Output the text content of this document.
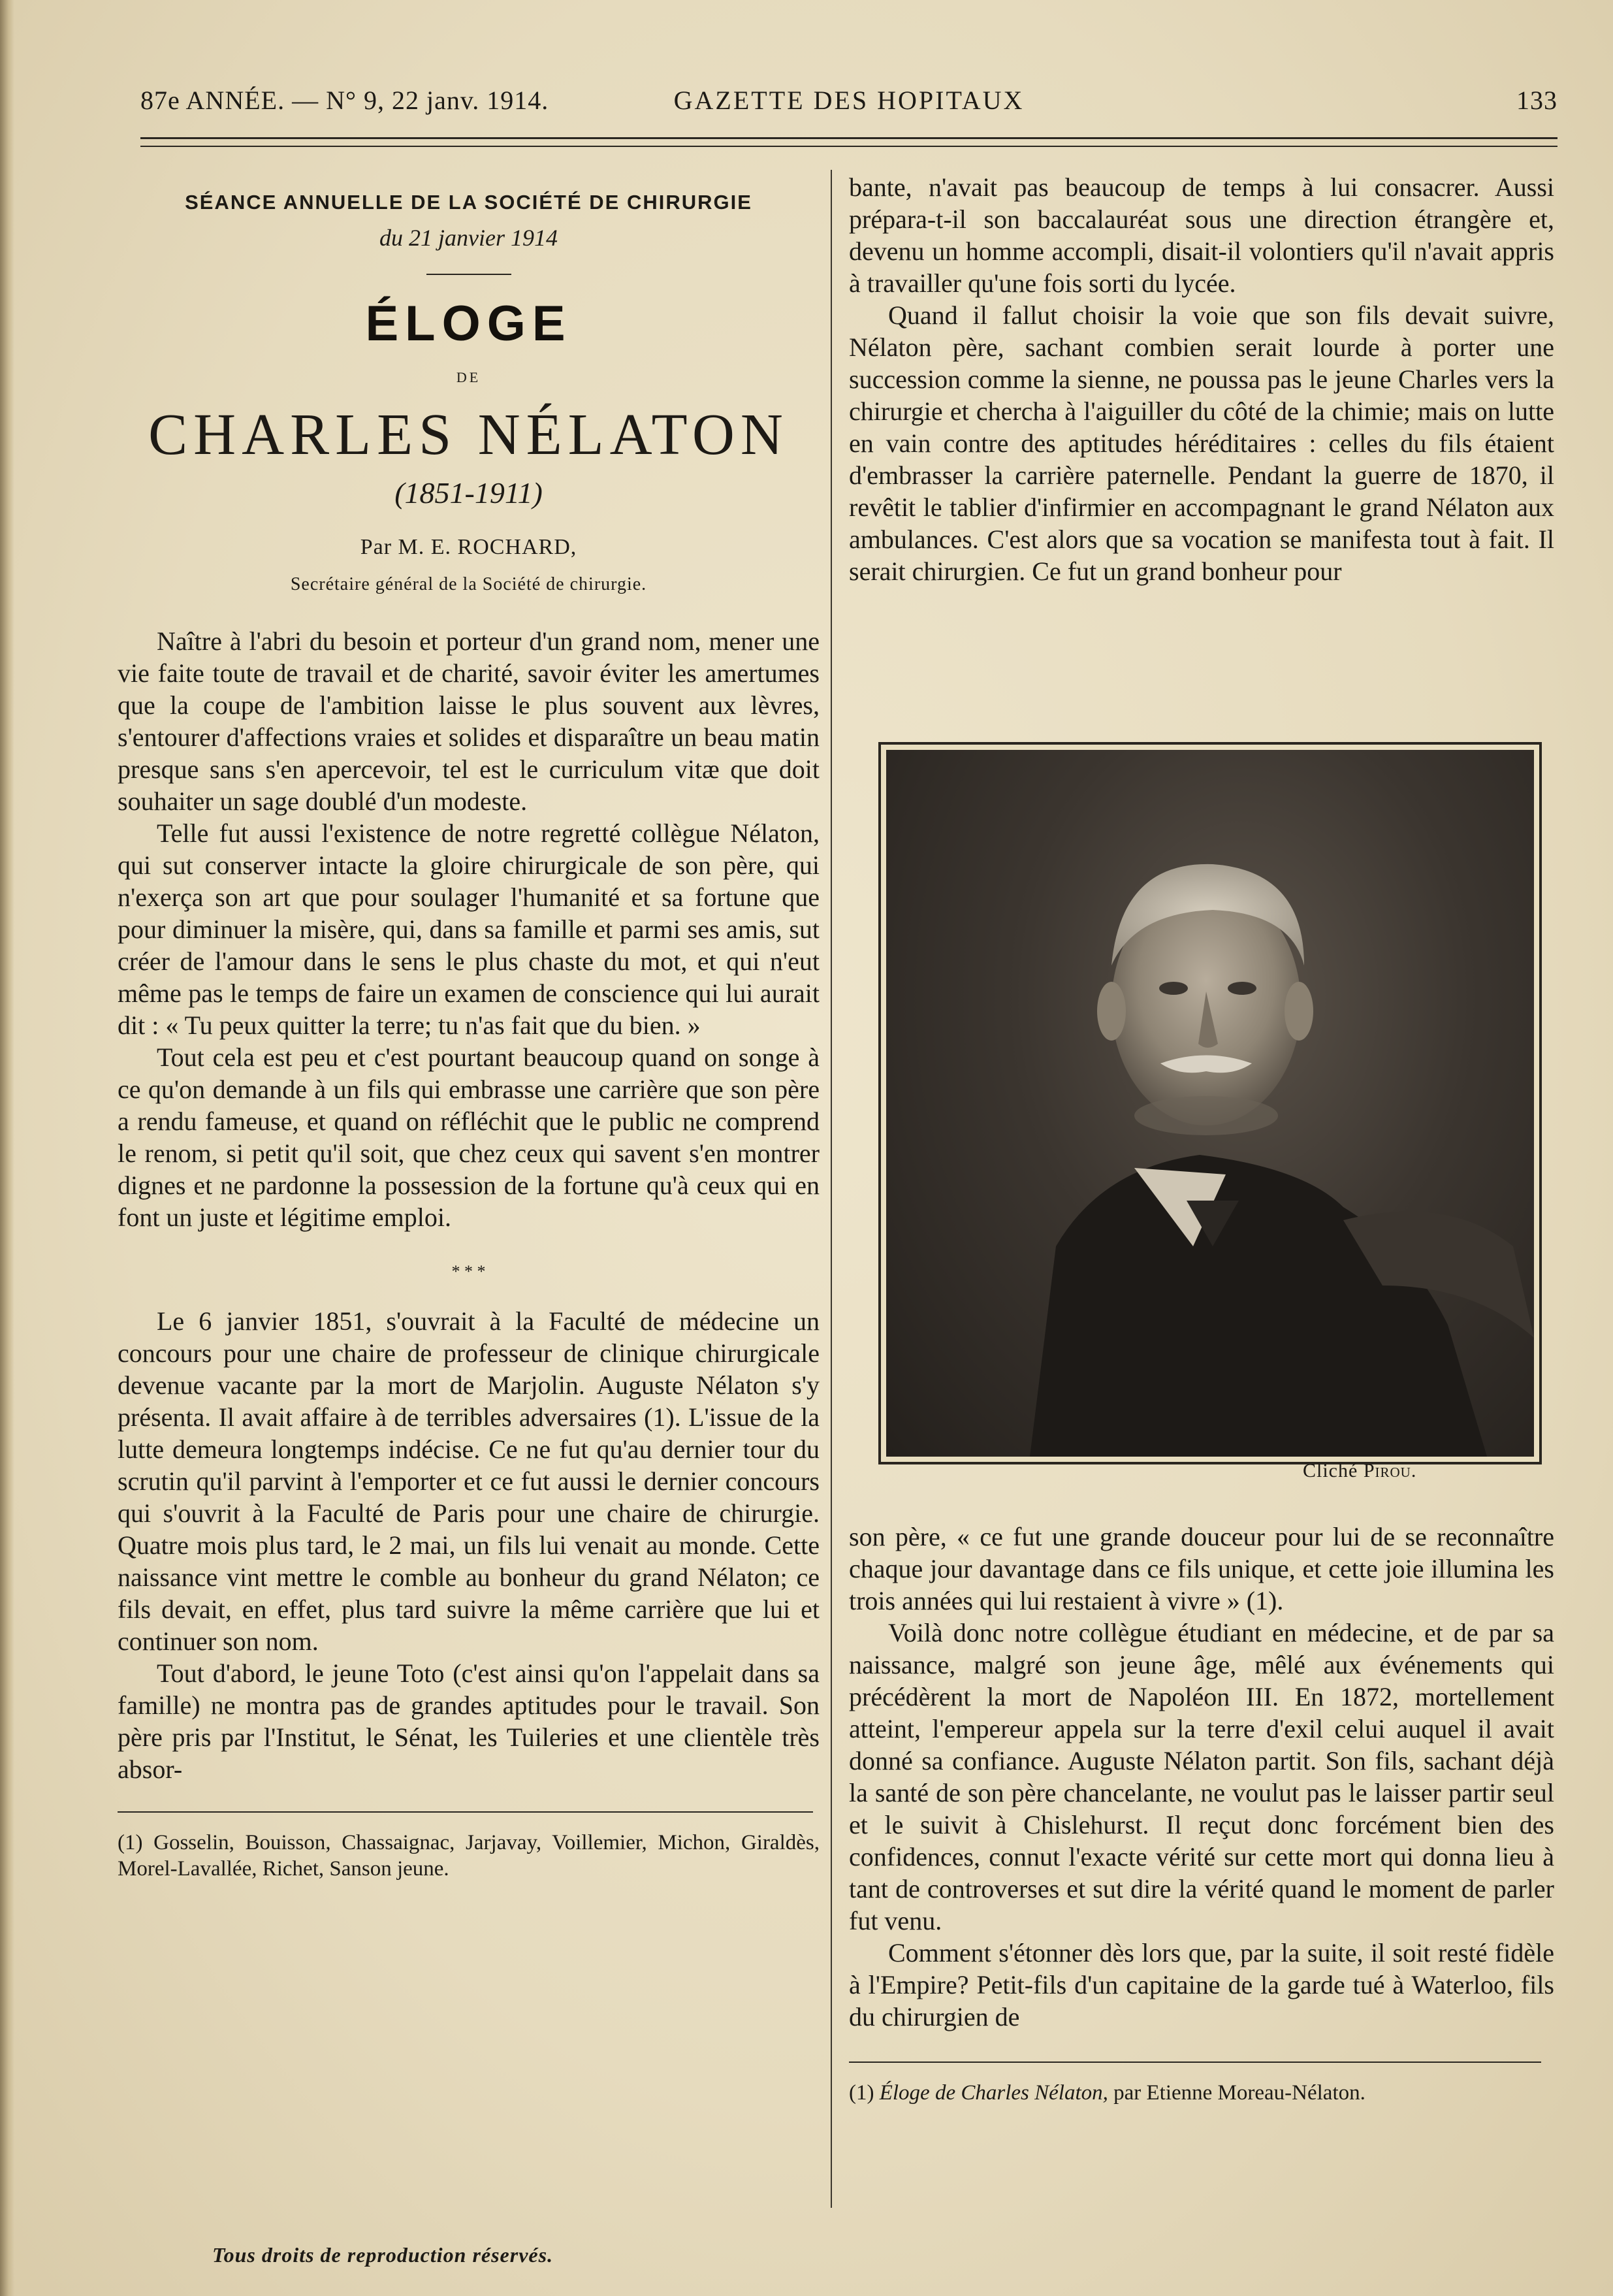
87e ANNÉE. — N° 9, 22 janv. 1914.	GAZETTE DES HOPITAUX	133
SÉANCE ANNUELLE DE LA SOCIÉTÉ DE CHIRURGIE
du 21 janvier 1914
ÉLOGE
DE
CHARLES NÉLATON
(1851-1911)
Par M. E. ROCHARD,
Secrétaire général de la Société de chirurgie.

Naître à l'abri du besoin et porteur d'un grand nom, mener une vie faite toute de travail et de charité, savoir éviter les amertumes que la coupe de l'ambition laisse le plus souvent aux lèvres, s'entourer d'affections vraies et solides et disparaître un beau matin presque sans s'en apercevoir, tel est le curriculum vitæ que doit souhaiter un sage doublé d'un modeste.

Telle fut aussi l'existence de notre regretté collègue Nélaton, qui sut conserver intacte la gloire chirurgicale de son père, qui n'exerça son art que pour soulager l'humanité et sa fortune que pour diminuer la misère, qui, dans sa famille et parmi ses amis, sut créer de l'amour dans le sens le plus chaste du mot, et qui n'eut même pas le temps de faire un examen de conscience qui lui aurait dit : « Tu peux quitter la terre; tu n'as fait que du bien. »

Tout cela est peu et c'est pourtant beaucoup quand on songe à ce qu'on demande à un fils qui embrasse une carrière que son père a rendu fameuse, et quand on réfléchit que le public ne comprend le renom, si petit qu'il soit, que chez ceux qui savent s'en montrer dignes et ne pardonne la possession de la fortune qu'à ceux qui en font un juste et légitime emploi.

* * *

Le 6 janvier 1851, s'ouvrait à la Faculté de médecine un concours pour une chaire de professeur de clinique chirurgicale devenue vacante par la mort de Marjolin. Auguste Nélaton s'y présenta. Il avait affaire à de terribles adversaires (1). L'issue de la lutte demeura longtemps indécise. Ce ne fut qu'au dernier tour du scrutin qu'il parvint à l'emporter et ce fut aussi le dernier concours qui s'ouvrit à la Faculté de Paris pour une chaire de chirurgie. Quatre mois plus tard, le 2 mai, un fils lui venait au monde. Cette naissance vint mettre le comble au bonheur du grand Nélaton; ce fils devait, en effet, plus tard suivre la même carrière que lui et continuer son nom.

Tout d'abord, le jeune Toto (c'est ainsi qu'on l'appelait dans sa famille) ne montra pas de grandes aptitudes pour le travail. Son père pris par l'Institut, le Sénat, les Tuileries et une clientèle très absor-

(1) Gosselin, Bouisson, Chassaignac, Jarjavay, Voillemier, Michon, Giraldès, Morel-Lavallée, Richet, Sanson jeune.
Tous droits de reproduction réservés.

bante, n'avait pas beaucoup de temps à lui consacrer. Aussi prépara-t-il son baccalauréat sous une direction étrangère et, devenu un homme accompli, disait-il volontiers qu'il n'avait appris à travailler qu'une fois sorti du lycée.

Quand il fallut choisir la voie que son fils devait suivre, Nélaton père, sachant combien serait lourde à porter une succession comme la sienne, ne poussa pas le jeune Charles vers la chirurgie et chercha à l'aiguiller du côté de la chimie; mais on lutte en vain contre des aptitudes héréditaires : celles du fils étaient d'embrasser la carrière paternelle. Pendant la guerre de 1870, il revêtit le tablier d'infirmier en accompagnant le grand Nélaton aux ambulances. C'est alors que sa vocation se manifesta tout à fait. Il serait chirurgien. Ce fut un grand bonheur pour

Cliché Pirou.

son père, « ce fut une grande douceur pour lui de se reconnaître chaque jour davantage dans ce fils unique, et cette joie illumina les trois années qui lui restaient à vivre » (1).

Voilà donc notre collègue étudiant en médecine, et de par sa naissance, malgré son jeune âge, mêlé aux événements qui précédèrent la mort de Napoléon III. En 1872, mortellement atteint, l'empereur appela sur la terre d'exil celui auquel il avait donné sa confiance. Auguste Nélaton partit. Son fils, sachant déjà la santé de son père chancelante, ne voulut pas le laisser partir seul et le suivit à Chislehurst. Il reçut donc forcément bien des confidences, connut l'exacte vérité sur cette mort qui donna lieu à tant de controverses et sut dire la vérité quand le moment de parler fut venu.

Comment s'étonner dès lors que, par la suite, il soit resté fidèle à l'Empire? Petit-fils d'un capitaine de la garde tué à Waterloo, fils du chirurgien de

(1) Éloge de Charles Nélaton, par Etienne Moreau-Nélaton.
